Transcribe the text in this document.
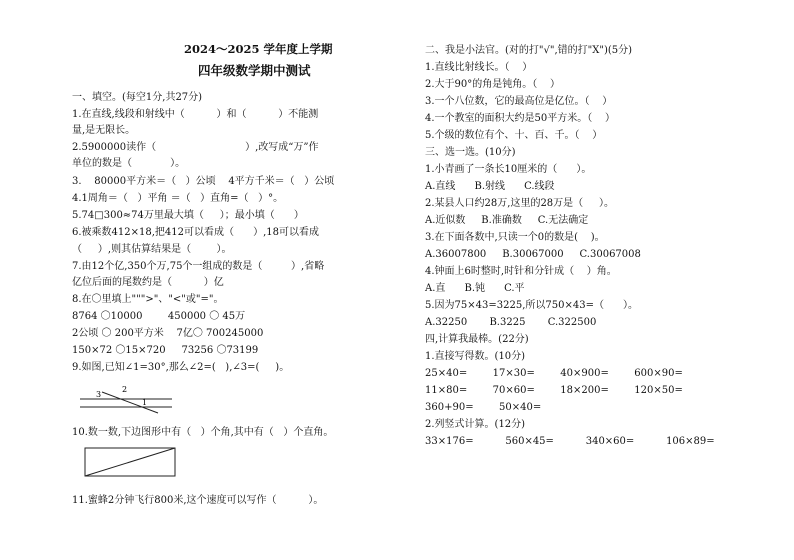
2024～2025 学年度上学期
四年级数学期中测试
一、填空。(每空1分,共27分)
1.在直线,线段和射线中（          ）和（          ）不能测
量,是无限长。
2.5900000读作（                            ）,改写成“万”作
单位的数是（            ）。
3.    80000平方米＝（   ）公顷    4平方千米＝（   ）公顷
4.1周角＝（   ）平角 ＝（   ）直角=（   ）°。
5.74□300≈74万里最大填（     ）；最小填（      ）
6.被乘数412×18,把412可以看成（      ）,18可以看成
（     ）,则其估算结果是（        ）。
7.由12个亿,350个万,75个一组成的数是（         ）,省略
亿位后面的尾数约是（          ）亿
8.在〇里填上""">"、"<"或"="。
8764 〇10000        450000 〇 45万
2公顷 〇 200平方米    7亿〇 700245000
150×72 〇15×720     73256 〇73199
9.如图,已知∠1=30°,那么∠2=(   ),∠3=(     )。
3
2
1
10.数一数,下边图形中有（   ）个角,其中有（   ）个直角。
11.蜜蜂2分钟飞行800米,这个速度可以写作（          ）。
二、我是小法官。(对的打"√",错的打"X")(5分)
1.直线比射线长。（    ）
2.大于90°的角是钝角。（    ）
3.一个八位数，它的最高位是亿位。（    ）
4.一个教室的面积大约是50平方米。（    ）
5.个级的数位有个、十、百、千。（    ）
三、选一选。(10分)
1.小青画了一条长10厘米的（      ）。
A.直线      B.射线      C.线段
2.某县人口约28万,这里的28万是（     ）。
A.近似数     B.准确数     C.无法确定
3.在下面各数中,只读一个0的数是(    )。
A.36007800     B.30067000     C.30067008
4.钟面上6时整时,时针和分针成（    ）角。
A.直      B.钝      C.平
5.因为75×43=3225,所以750×43=（      ）。
A.32250       B.3225       C.322500
四,计算我最棒。(22分)
1.直接写得数。(10分)
25×40=        17×30=        40×900=        600×90=
11×80=        70×60=        18×200=        120×50=
360+90=        50×40=
2.列竖式计算。(12分)
33×176=          560×45=          340×60=          106×89=
